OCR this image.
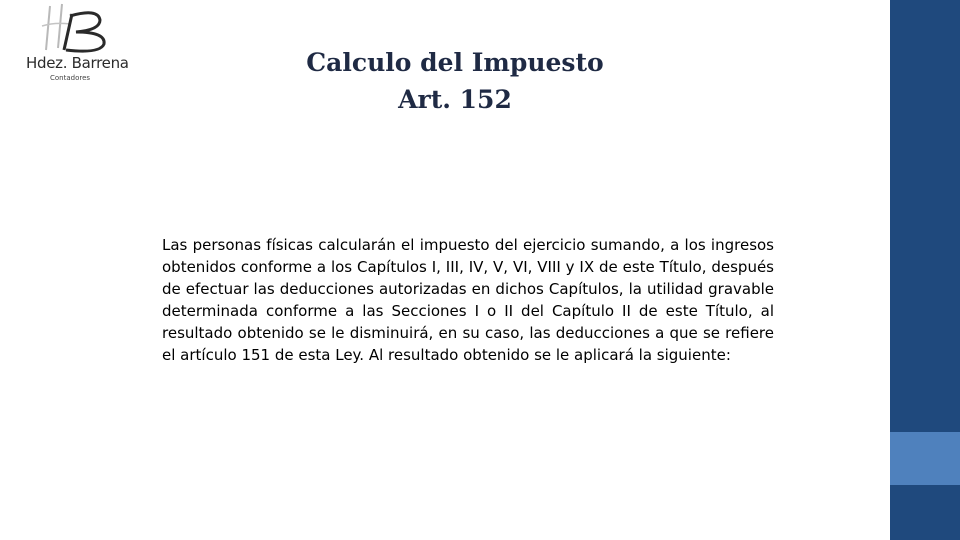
Hdez. Barrena
Contadores
Calculo del Impuesto
Art. 152
Las personas físicas calcularán el impuesto del ejercicio sumando, a los ingresos obtenidos conforme a los Capítulos I, III, IV, V, VI, VIII y IX de este Título, después de efectuar las deducciones autorizadas en dichos Capítulos, la utilidad gravable determinada conforme a las Secciones I o II del Capítulo II de este Título, al resultado obtenido se le disminuirá, en su caso, las deducciones a que se refiere el artículo 151 de esta Ley. Al resultado obtenido se le aplicará la siguiente:
